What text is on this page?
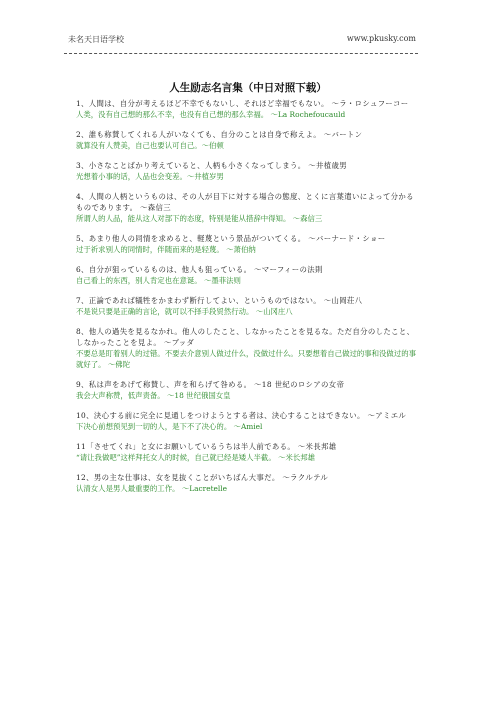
未名天日语学校	www.pkusky.com
人生励志名言集（中日对照下载）
1、人間は、自分が考えるほど不幸でもないし、それほど幸福でもない。 ～ラ・ロシュフーコー
人类，没有自己想的那么不幸，也没有自己想的那么幸福。 ～La Rochefoucauld
2、誰も称賛してくれる人がいなくても、自分のことは自身で称えよ。 ～バートン
就算没有人赞美，自己也要认可自己。～伯顿
3、小さなことばかり考えていると、人柄も小さくなってしまう。 ～井植歳男
光想着小事的话，人品也会变差。～井植岁男
4、人間の人柄というものは、その人が目下に対する場合の態度、とくに言葉遣いによって分かるものであります。 ～森信三
所谓人的人品，能从这人对部下的态度，特别是能从措辞中得知。 ～森信三
5、あまり他人の同情を求めると、軽蔑という景品がついてくる。 ～バーナード・ショー
过于祈求别人的同情时，伴随而来的是轻蔑。 ～萧伯纳
6、自分が狙っているものは、他人も狙っている。 ～マーフィーの法則
自己看上的东西，别人肯定也在意诞。 ～墨菲法则
7、正論であれば犠牲をかまわず断行してよい、というものではない。 ～山岡荘八
不是说只要是正确的言论，就可以不择手段贸然行动。 ～山冈庄八
8、他人の過失を見るなかれ。他人のしたこと、しなかったことを見るな。ただ自分のしたこと、しなかったことを見よ。 ～ブッダ
不要总是盯着别人的过错。不要去介意别人做过什么，没做过什么。只要想着自己做过的事和没做过的事就好了。 ～佛陀
9、私は声をあげて称賛し、声を和らげて咎める。 ～18 世紀のロシアの女帝
我会大声称赞，低声责备。 ～18 世纪俄国女皇
10、決心する前に完全に見通しをつけようとする者は、決心することはできない。 ～アミエル
下决心前想预见到一切的人，是下不了决心的。 ～Amiel
11「させてくれ」と女にお願いしているうちは半人前である。 ～米長邦雄
“请让我做吧”这样拜托女人的时候，自己就已经是矮人半截。 ～米长邦雄
12、男の主な仕事は、女を見抜くことがいちばん大事だ。 ～ラクルテル
认清女人是男人最重要的工作。 ～Lacretelle
